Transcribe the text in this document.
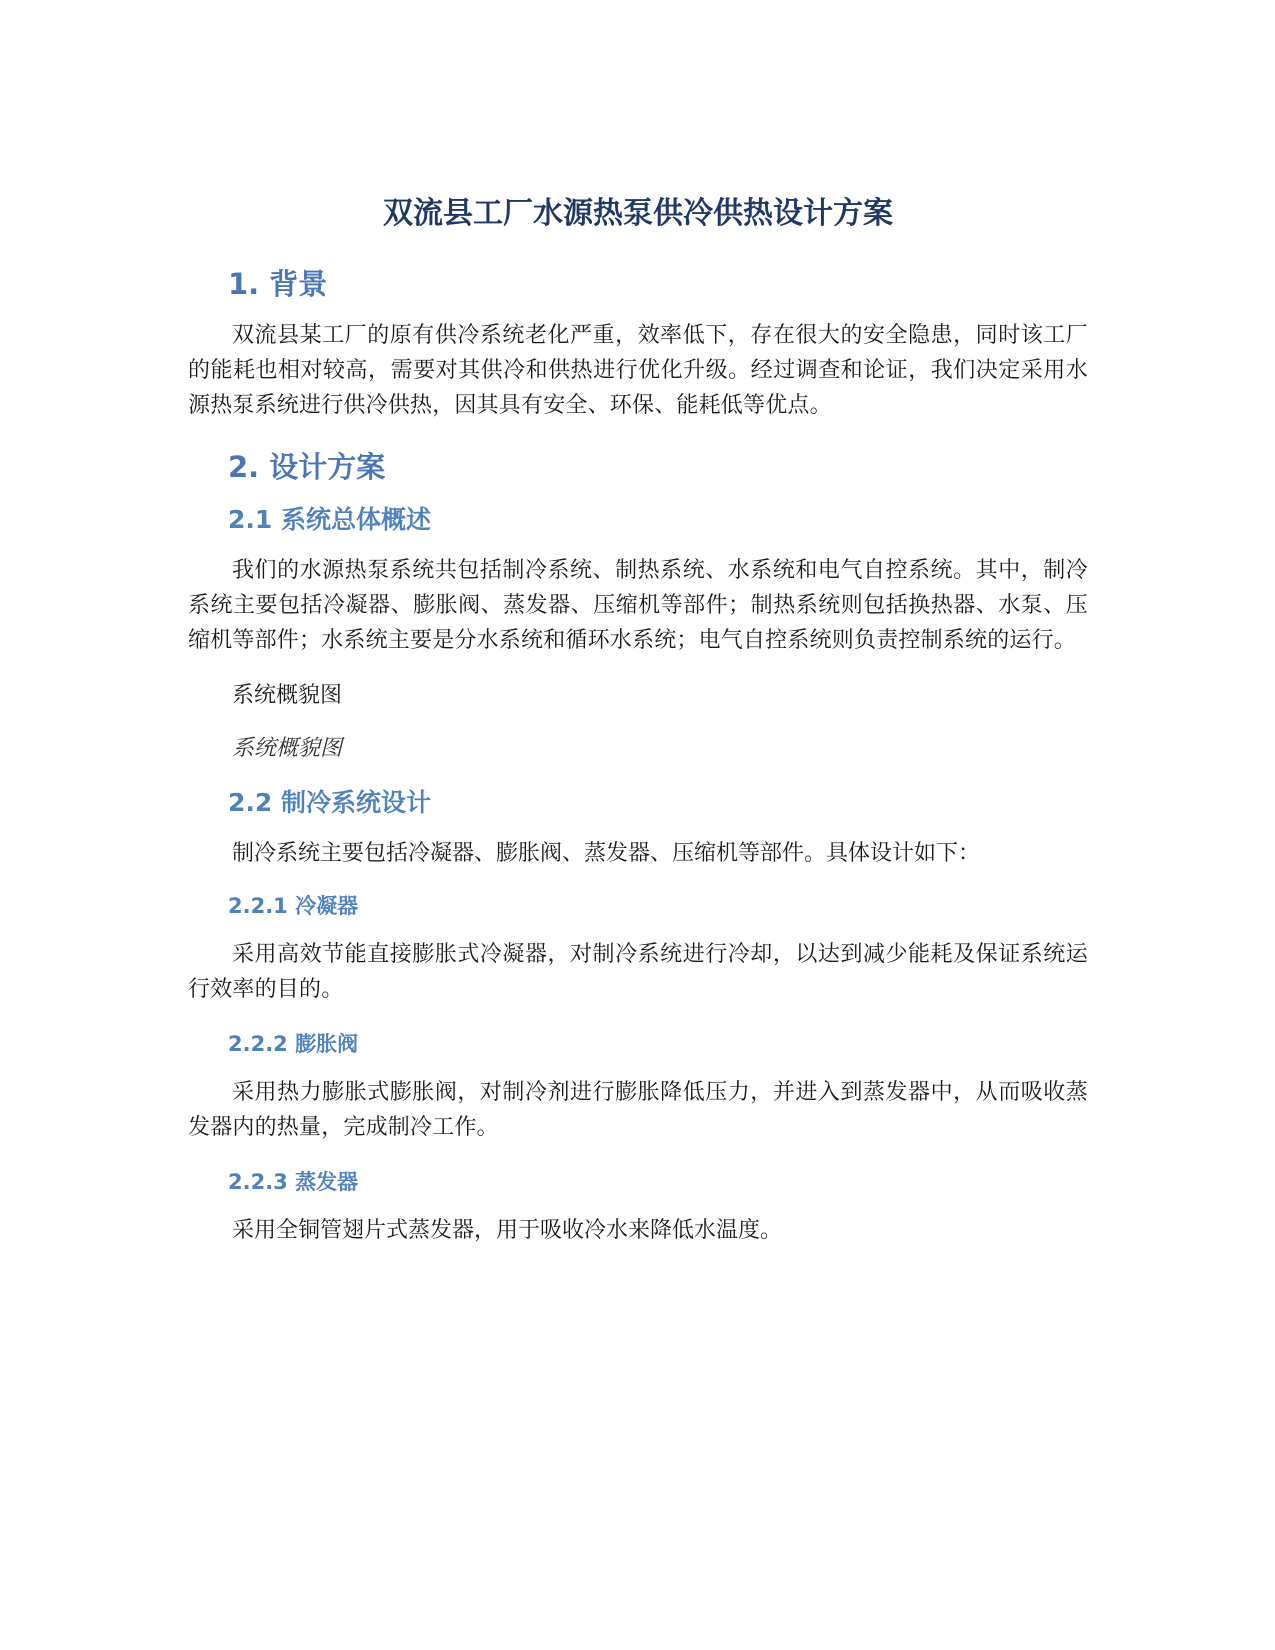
双流县工厂水源热泵供冷供热设计方案
1. 背景

双流县某工厂的原有供冷系统老化严重，效率低下，存在很大的安全隐患，同时该工厂的能耗也相对较高，需要对其供冷和供热进行优化升级。经过调查和论证，我们决定采用水源热泵系统进行供冷供热，因其具有安全、环保、能耗低等优点。

2. 设计方案
2.1 系统总体概述

我们的水源热泵系统共包括制冷系统、制热系统、水系统和电气自控系统。其中，制冷系统主要包括冷凝器、膨胀阀、蒸发器、压缩机等部件；制热系统则包括换热器、水泵、压缩机等部件；水系统主要是分水系统和循环水系统；电气自控系统则负责控制系统的运行。

系统概貌图

系统概貌图

2.2 制冷系统设计

制冷系统主要包括冷凝器、膨胀阀、蒸发器、压缩机等部件。具体设计如下：

2.2.1 冷凝器

采用高效节能直接膨胀式冷凝器，对制冷系统进行冷却，以达到减少能耗及保证系统运行效率的目的。

2.2.2 膨胀阀

采用热力膨胀式膨胀阀，对制冷剂进行膨胀降低压力，并进入到蒸发器中，从而吸收蒸发器内的热量，完成制冷工作。

2.2.3 蒸发器

采用全铜管翅片式蒸发器，用于吸收冷水来降低水温度。
